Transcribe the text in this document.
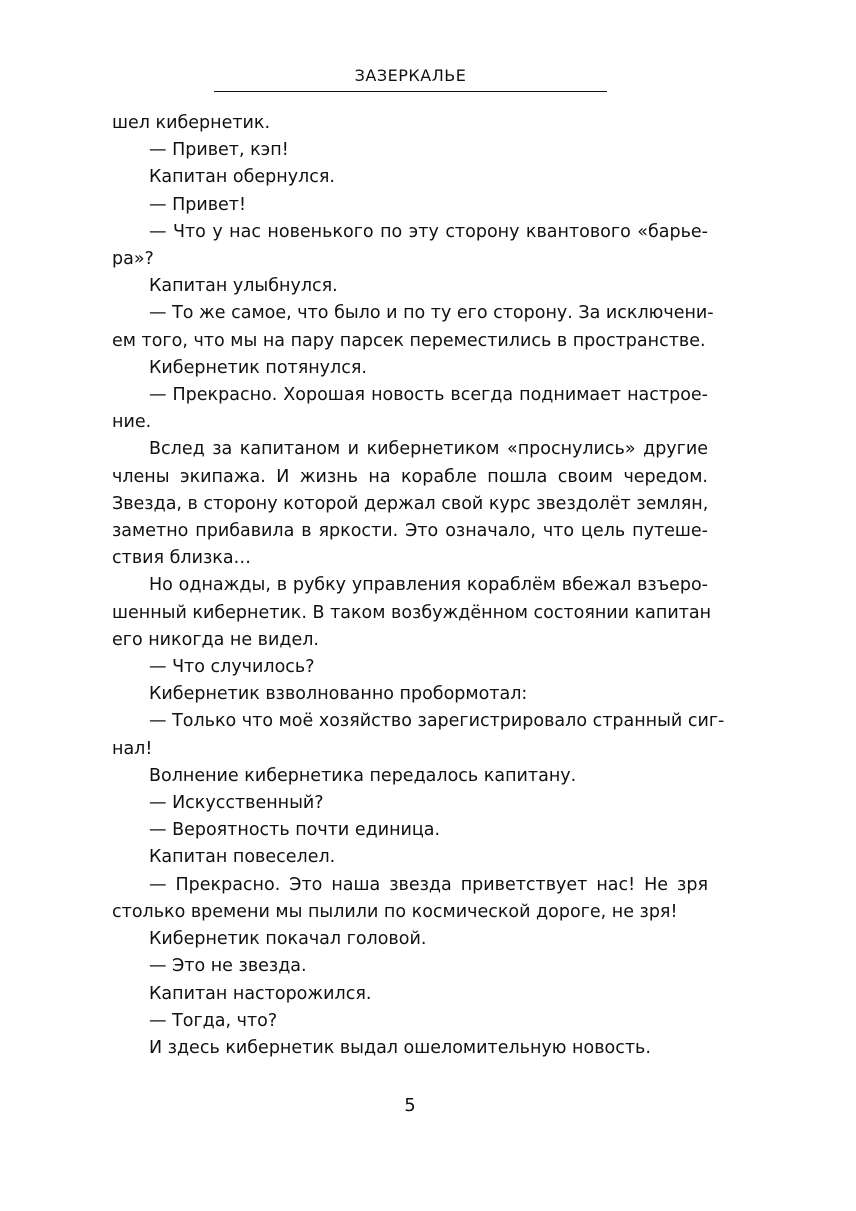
ЗАЗЕРКАЛЬЕ

шел кибернетик.

— Привет, кэп!

Капитан обернулся.

— Привет!

— Что у нас новенького по эту сторону квантового «барье-

ра»?

Капитан улыбнулся.

— То же самое, что было и по ту его сторону. За исключени-

ем того, что мы на пару парсек переместились в пространстве.

Кибернетик потянулся.

— Прекрасно. Хорошая новость всегда поднимает настрое-

ние.

Вслед за капитаном и кибернетиком «проснулись» другие

члены экипажа. И жизнь на корабле пошла своим чередом.

Звезда, в сторону которой держал свой курс звездолёт землян,

заметно прибавила в яркости. Это означало, что цель путеше-

ствия близка…

Но однажды, в рубку управления кораблём вбежал взъеро-

шенный кибернетик. В таком возбуждённом состоянии капитан

его никогда не видел.

— Что случилось?

Кибернетик взволнованно пробормотал:

— Только что моё хозяйство зарегистрировало странный сиг-

нал!

Волнение кибернетика передалось капитану.

— Искусственный?

— Вероятность почти единица.

Капитан повеселел.

— Прекрасно. Это наша звезда приветствует нас! Не зря

столько времени мы пылили по космической дороге, не зря!

Кибернетик покачал головой.

— Это не звезда.

Капитан насторожился.

— Тогда, что?

И здесь кибернетик выдал ошеломительную новость.

5
